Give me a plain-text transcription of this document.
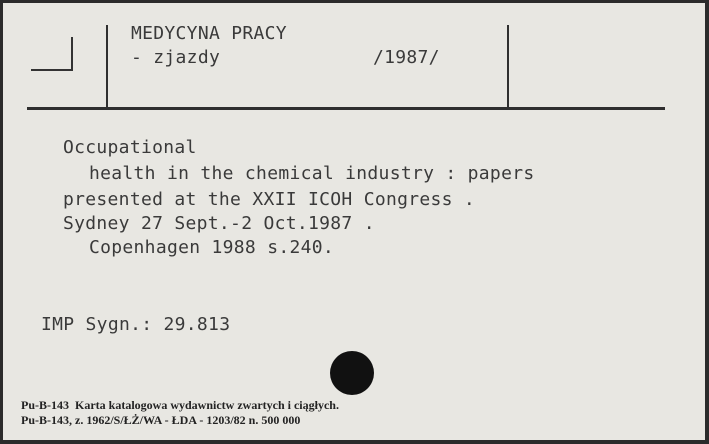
MEDYCYNA PRACY
- zjazdy	/1987/
Occupational
health in the chemical industry : papers
presented at the XXII ICOH Congress .
Sydney 27 Sept.-2 Oct.1987 .
Copenhagen 1988 s.240.
IMP Sygn.: 29.813
Pu-B-143  Karta katalogowa wydawnictw zwartych i ciągłych.
Pu-B-143, z. 1962/S/ŁŻ/WA - ŁDA - 1203/82 n. 500 000
